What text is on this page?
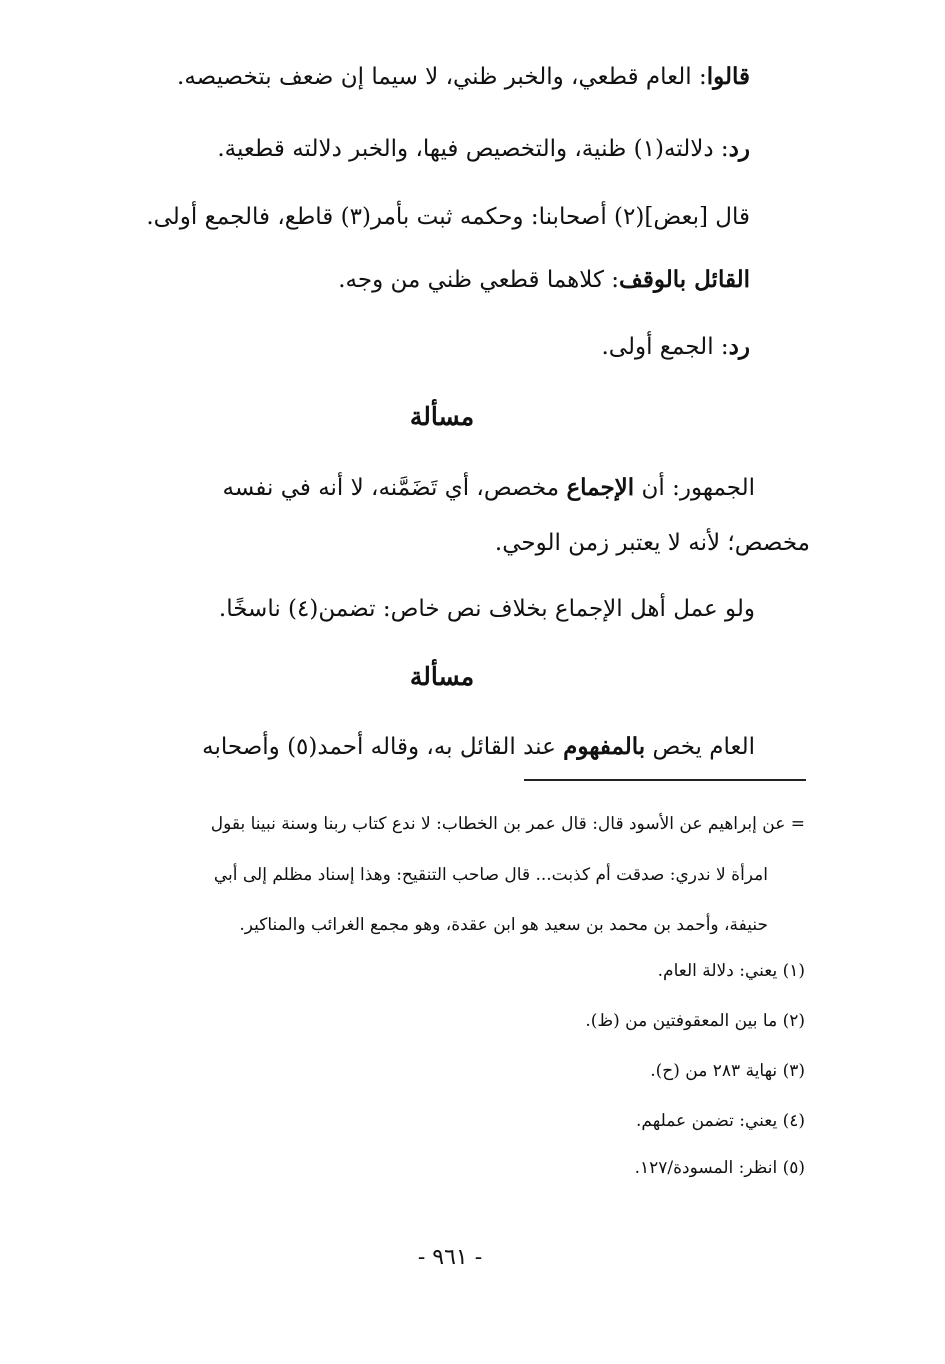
قالوا: العام قطعي، والخبر ظني، لا سيما إن ضعف بتخصيصه.
رد: دلالته(١) ظنية، والتخصيص فيها، والخبر دلالته قطعية.
قال [بعض](٢) أصحابنا: وحكمه ثبت بأمر(٣) قاطع، فالجمع أولى.
القائل بالوقف: كلاهما قطعي ظني من وجه.
رد: الجمع أولى.
مسألة
الجمهور: أن الإجماع مخصص، أي تَضَمَّنه، لا أنه في نفسه
مخصص؛ لأنه لا يعتبر زمن الوحي.
ولو عمل أهل الإجماع بخلاف نص خاص: تضمن(٤) ناسخًا.
مسألة
العام يخص بالمفهوم عند القائل به، وقاله أحمد(٥) وأصحابه
= عن إبراهيم عن الأسود قال: قال عمر بن الخطاب: لا ندع كتاب ربنا وسنة نبينا بقول
امرأة لا ندري: صدقت أم كذبت... قال صاحب التنقيح: وهذا إسناد مظلم إلى أبي
حنيفة، وأحمد بن محمد بن سعيد هو ابن عقدة، وهو مجمع الغرائب والمناكير.
(١) يعني: دلالة العام.
(٢) ما بين المعقوفتين من (ظ).
(٣) نهاية ٢٨٣ من (ح).
(٤) يعني: تضمن عملهم.
(٥) انظر: المسودة/١٢٧.
- ٩٦١ -
